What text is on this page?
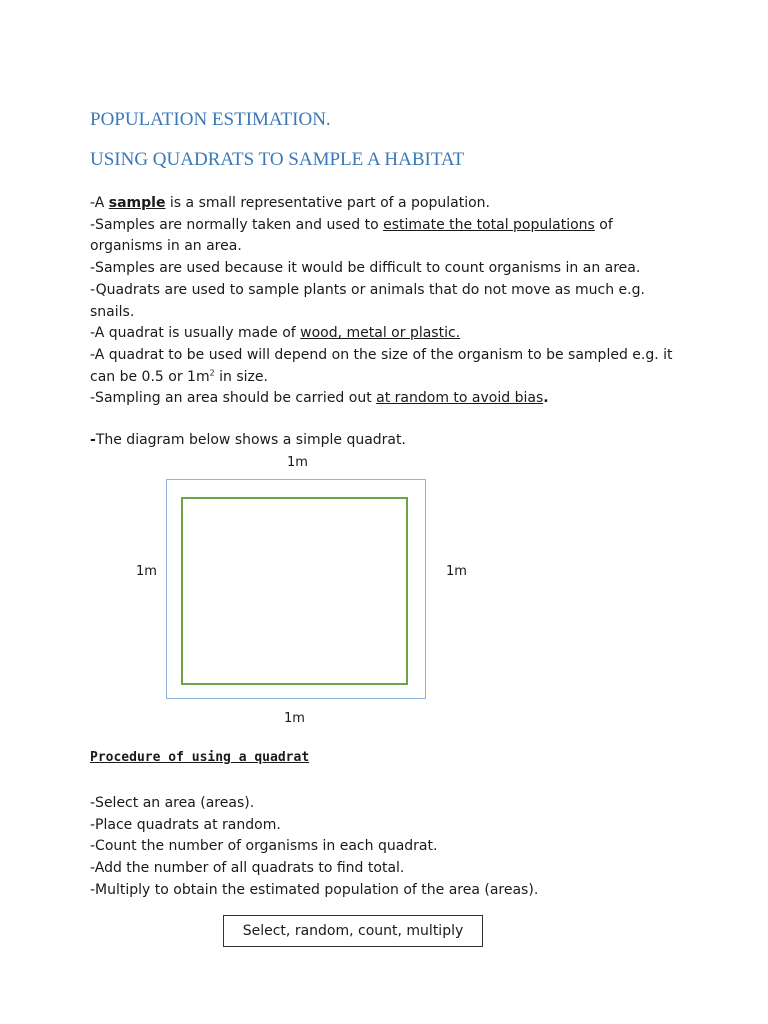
POPULATION ESTIMATION.
USING QUADRATS TO SAMPLE A HABITAT
-A sample is a small representative part of a population.
-Samples are normally taken and used to estimate the total populations of
organisms in an area.
-Samples are used because it would be difficult to count organisms in an area.
-Quadrats are used to sample plants or animals that do not move as much e.g.
snails.
-A quadrat is usually made of wood, metal or plastic.
-A quadrat to be used will depend on the size of the organism to be sampled e.g. it
can be 0.5 or $1m^2$ in size.
-Sampling an area should be carried out at random to avoid bias.
-The diagram below shows a simple quadrat.
1m
1m	1m
1m
Procedure of using a quadrat
-Select an area (areas).
-Place quadrats at random.
-Count the number of organisms in each quadrat.
-Add the number of all quadrats to find total.
-Multiply to obtain the estimated population of the area (areas).
Select, random, count, multiply
